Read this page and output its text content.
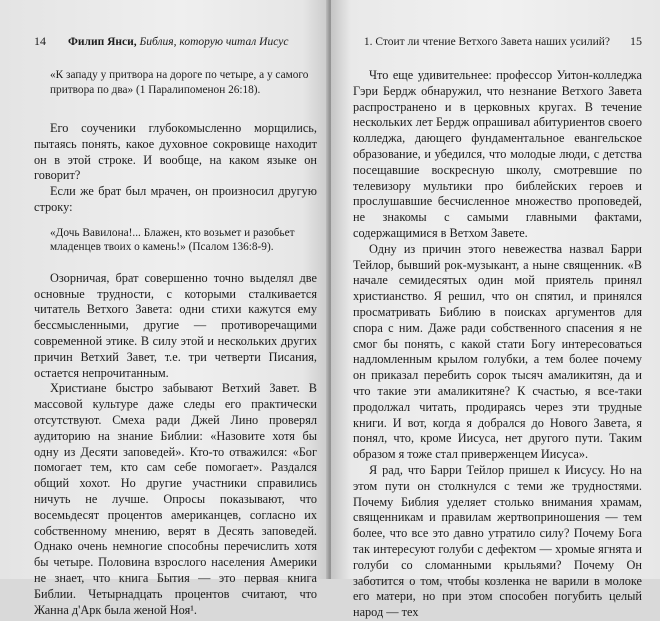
14 Филип Янси, Библия, которую читал Иисус
«К западу у притвора на дороге по четыре, а у самого
притвора по два» (1 Паралипоменон 26:18).
Его соученики глубокомысленно морщились, пытаясь понять, какое духовное сокровище находит он в этой строке. И вообще, на каком языке он говорит?
Если же брат был мрачен, он произносил другую строку:
«Дочь Вавилона!... Блажен, кто возьмет и разобьет
младенцев твоих о камень!» (Псалом 136:8-9).
Озорничая, брат совершенно точно выделял две основные трудности, с которыми сталкивается читатель Ветхого Завета: одни стихи кажутся ему бессмысленными, другие — противоречащими современной этике. В силу этой и нескольких других причин Ветхий Завет, т.е. три четверти Писания, остается непрочитанным.
Христиане быстро забывают Ветхий Завет. В массовой культуре даже следы его практически отсутствуют. Смеха ради Джей Лино проверял аудиторию на знание Библии: «Назовите хотя бы одну из Десяти заповедей». Кто-то отважился: «Бог помогает тем, кто сам себе помогает». Раздался общий хохот. Но другие участники справились ничуть не лучше. Опросы показывают, что восемьдесят процентов американцев, согласно их собственному мнению, верят в Десять заповедей. Однако очень немногие способны перечислить хотя бы четыре. Половина взрослого населения Америки не знает, что книга Бытия — это первая книга Библии. Четырнадцать процентов считают, что Жанна д'Арк была женой Ноя¹.
1. Стоит ли чтение Ветхого Завета наших усилий? 15
Что еще удивительнее: профессор Уитон-колледжа Гэри Бердж обнаружил, что незнание Ветхого Завета распространено и в церковных кругах. В течение нескольких лет Бердж опрашивал абитуриентов своего колледжа, дающего фундаментальное евангельское образование, и убедился, что молодые люди, с детства посещавшие воскресную школу, смотревшие по телевизору мультики про библейских героев и прослушавшие бесчисленное множество проповедей, не знакомы с самыми главными фактами, содержащимися в Ветхом Завете.
Одну из причин этого невежества назвал Барри Тейлор, бывший рок-музыкант, а ныне священник. «В начале семидесятых один мой приятель принял христианство. Я решил, что он спятил, и принялся просматривать Библию в поисках аргументов для спора с ним. Даже ради собственного спасения я не смог бы понять, с какой стати Богу интересоваться надломленным крылом голубки, а тем более почему он приказал перебить сорок тысяч амаликитян, да и что такие эти амаликитяне? К счастью, я все-таки продолжал читать, продираясь через эти трудные книги. И вот, когда я добрался до Нового Завета, я понял, что, кроме Иисуса, нет другого пути. Таким образом я тоже стал приверженцем Иисуса».
Я рад, что Барри Тейлор пришел к Иисусу. Но на этом пути он столкнулся с теми же трудностями. Почему Библия уделяет столько внимания храмам, священникам и правилам жертвоприношения — тем более, что все это давно утратило силу? Почему Бога так интересуют голуби с дефектом — хромые ягнята и голуби со сломанными крыльями? Почему Он заботится о том, чтобы козленка не варили в молоке его матери, но при этом способен погубить целый народ — тех
